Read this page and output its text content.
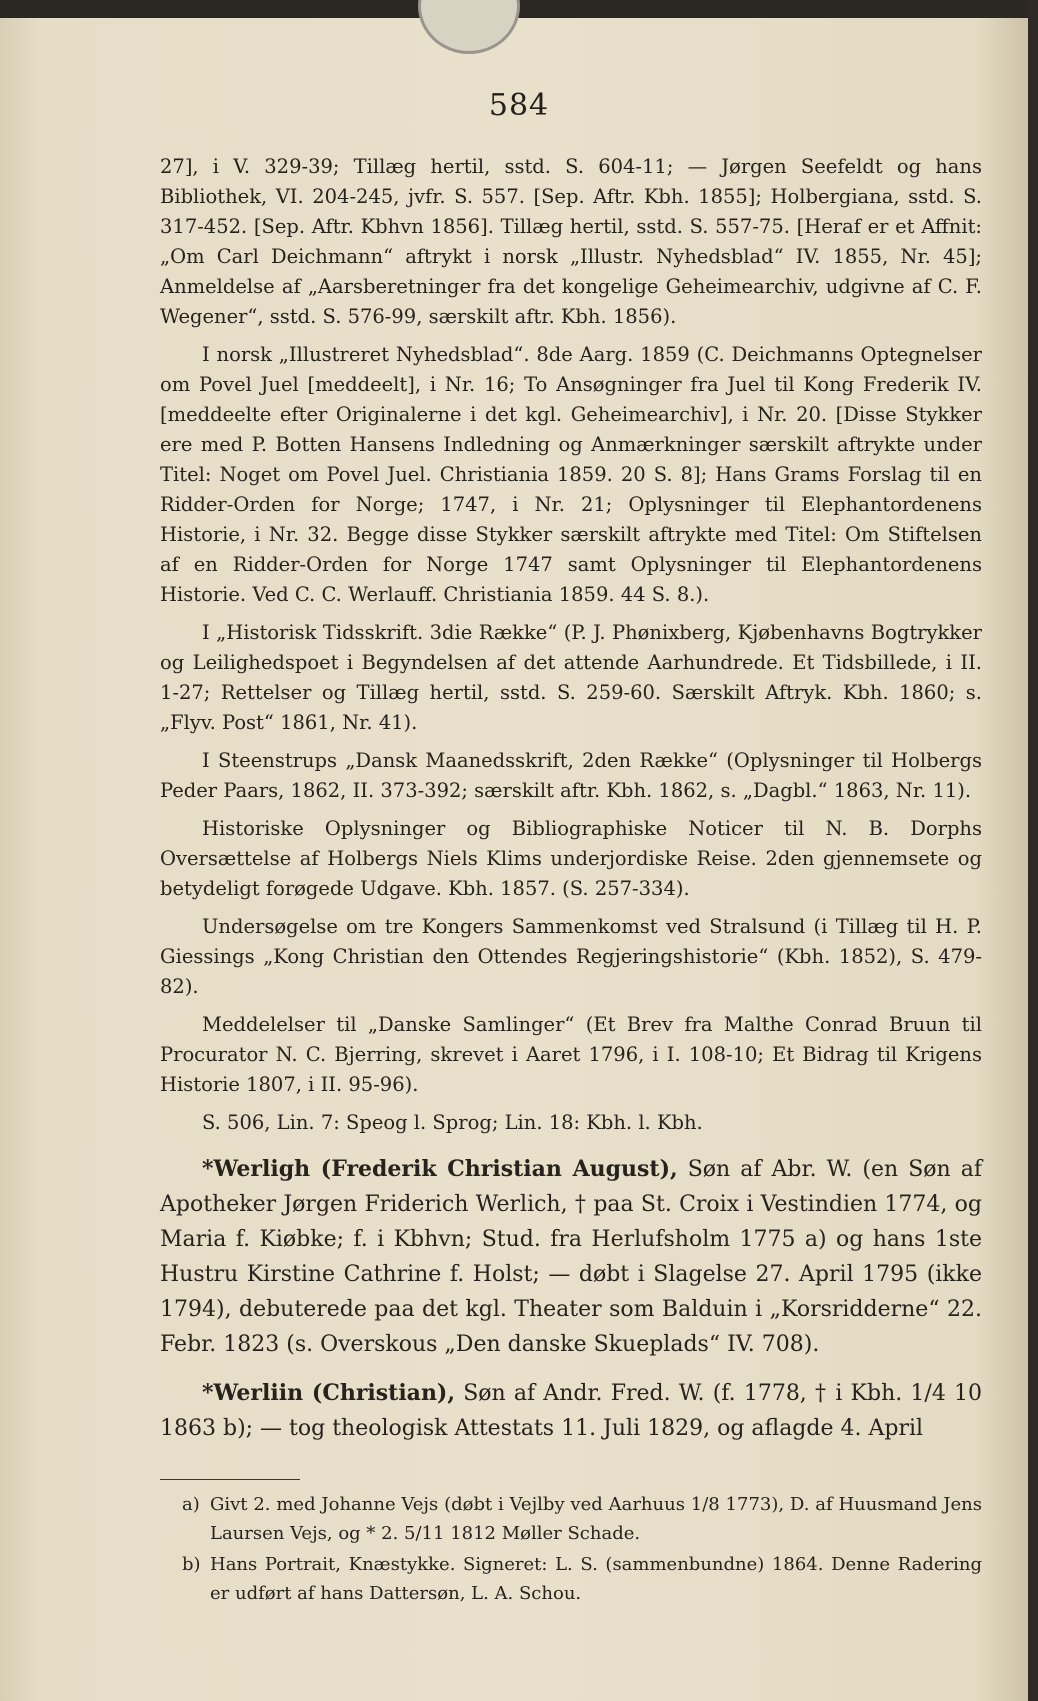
584

27], i V. 329-39; Tillæg hertil, sstd. S. 604-11; — Jørgen Seefeldt og hans Bibliothek, VI. 204-245, jvfr. S. 557. [Sep. Aftr. Kbh. 1855]; Holbergiana, sstd. S. 317-452. [Sep. Aftr. Kbhvn 1856]. Tillæg hertil, sstd. S. 557-75. [Heraf er et Affnit: „Om Carl Deichmann“ aftrykt i norsk „Illustr. Nyhedsblad“ IV. 1855, Nr. 45]; Anmeldelse af „Aarsberetninger fra det kongelige Geheimearchiv, udgivne af C. F. Wegener“, sstd. S. 576-99, særskilt aftr. Kbh. 1856).

I norsk „Illustreret Nyhedsblad“. 8de Aarg. 1859 (C. Deichmanns Optegnelser om Povel Juel [meddeelt], i Nr. 16; To Ansøgninger fra Juel til Kong Frederik IV. [meddeelte efter Originalerne i det kgl. Geheimearchiv], i Nr. 20. [Disse Stykker ere med P. Botten Hansens Indledning og Anmærkninger særskilt aftrykte under Titel: Noget om Povel Juel. Christiania 1859. 20 S. 8]; Hans Grams Forslag til en Ridder-Orden for Norge; 1747, i Nr. 21; Oplysninger til Elephantordenens Historie, i Nr. 32. Begge disse Stykker særskilt aftrykte med Titel: Om Stiftelsen af en Ridder-Orden for Norge 1747 samt Oplysninger til Elephantordenens Historie. Ved C. C. Werlauff. Christiania 1859. 44 S. 8.).

I „Historisk Tidsskrift. 3die Række“ (P. J. Phønixberg, Kjøbenhavns Bogtrykker og Leilighedspoet i Begyndelsen af det attende Aarhundrede. Et Tidsbillede, i II. 1-27; Rettelser og Tillæg hertil, sstd. S. 259-60. Særskilt Aftryk. Kbh. 1860; s. „Flyv. Post“ 1861, Nr. 41).

I Steenstrups „Dansk Maanedsskrift, 2den Række“ (Oplysninger til Holbergs Peder Paars, 1862, II. 373-392; særskilt aftr. Kbh. 1862, s. „Dagbl.“ 1863, Nr. 11).

Historiske Oplysninger og Bibliographiske Noticer til N. B. Dorphs Oversættelse af Holbergs Niels Klims underjordiske Reise. 2den gjennemsete og betydeligt forøgede Udgave. Kbh. 1857. (S. 257-334).

Undersøgelse om tre Kongers Sammenkomst ved Stralsund (i Tillæg til H. P. Giessings „Kong Christian den Ottendes Regjeringshistorie“ (Kbh. 1852), S. 479-82).

Meddelelser til „Danske Samlinger“ (Et Brev fra Malthe Conrad Bruun til Procurator N. C. Bjerring, skrevet i Aaret 1796, i I. 108-10; Et Bidrag til Krigens Historie 1807, i II. 95-96).

S. 506, Lin. 7: Speog l. Sprog; Lin. 18: Kbh. l. Kbh.

*Werligh (Frederik Christian August), Søn af Abr. W. (en Søn af Apotheker Jørgen Friderich Werlich, † paa St. Croix i Vestindien 1774, og Maria f. Kiøbke; f. i Kbhvn; Stud. fra Herlufsholm 1775 a) og hans 1ste Hustru Kirstine Cathrine f. Holst; — døbt i Slagelse 27. April 1795 (ikke 1794), debuterede paa det kgl. Theater som Balduin i „Korsridderne“ 22. Febr. 1823 (s. Overskous „Den danske Skueplads“ IV. 708).

*Werliin (Christian), Søn af Andr. Fred. W. (f. 1778, † i Kbh. 1/4 10 1863 b); — tog theologisk Attestats 11. Juli 1829, og aflagde 4. April

a) Givt 2. med Johanne Vejs (døbt i Vejlby ved Aarhuus 1/8 1773), D. af Huusmand Jens Laursen Vejs, og * 2. 5/11 1812 Møller Schade.
b) Hans Portrait, Knæstykke. Signeret: L. S. (sammenbundne) 1864. Denne Radering er udført af hans Dattersøn, L. A. Schou.
